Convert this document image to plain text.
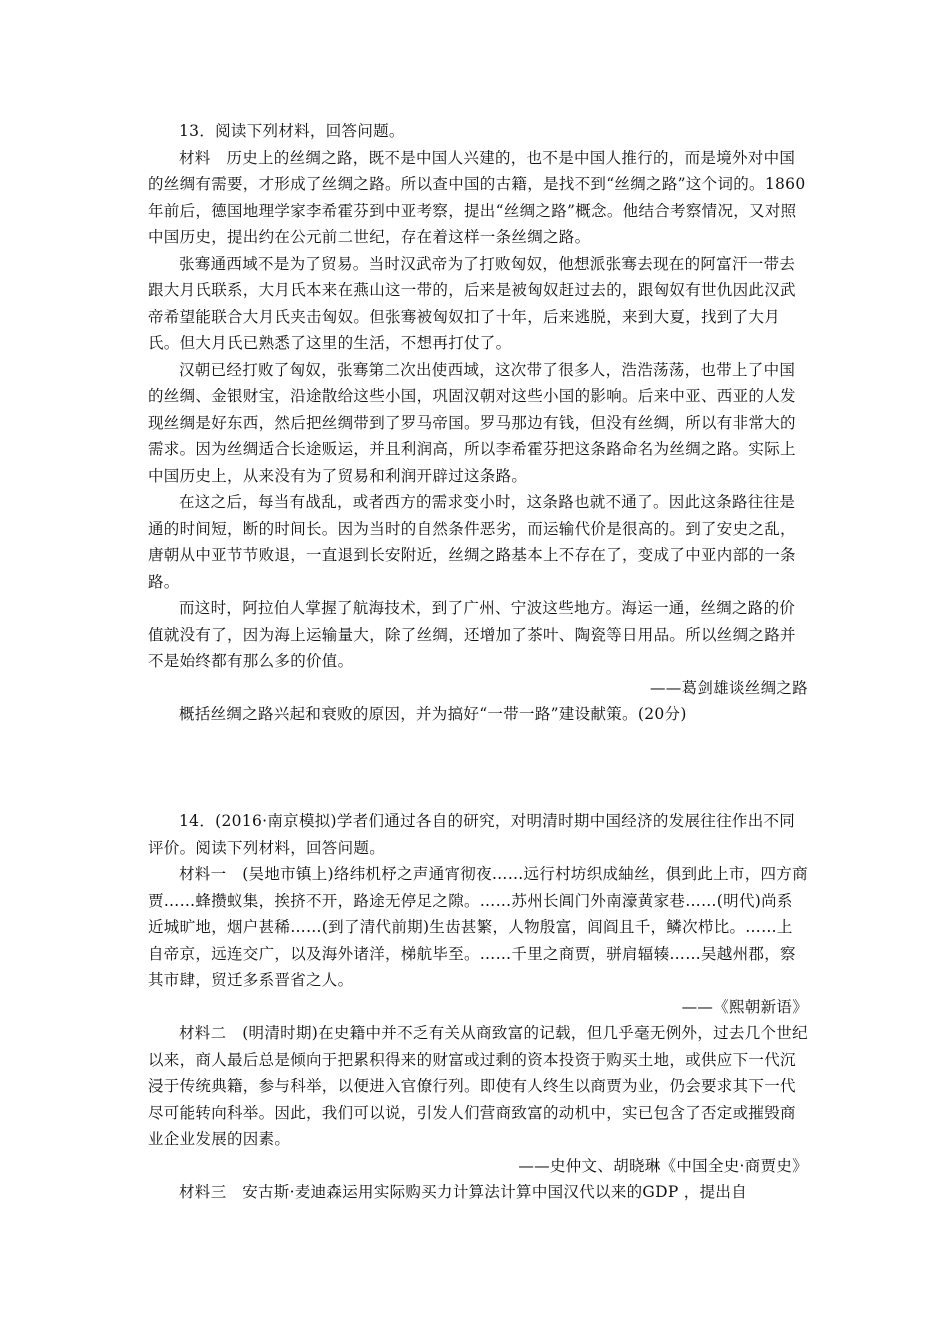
13．阅读下列材料，回答问题。

材料　历史上的丝绸之路，既不是中国人兴建的，也不是中国人推行的，而是境外对中国的丝绸有需要，才形成了丝绸之路。所以查中国的古籍，是找不到“丝绸之路”这个词的。1860年前后，德国地理学家李希霍芬到中亚考察，提出“丝绸之路”概念。他结合考察情况，又对照中国历史，提出约在公元前二世纪，存在着这样一条丝绸之路。

张骞通西域不是为了贸易。当时汉武帝为了打败匈奴，他想派张骞去现在的阿富汗一带去跟大月氏联系，大月氏本来在燕山这一带的，后来是被匈奴赶过去的，跟匈奴有世仇因此汉武帝希望能联合大月氏夹击匈奴。但张骞被匈奴扣了十年，后来逃脱，来到大夏，找到了大月氏。但大月氏已熟悉了这里的生活，不想再打仗了。

汉朝已经打败了匈奴，张骞第二次出使西域，这次带了很多人，浩浩荡荡，也带上了中国的丝绸、金银财宝，沿途散给这些小国，巩固汉朝对这些小国的影响。后来中亚、西亚的人发现丝绸是好东西，然后把丝绸带到了罗马帝国。罗马那边有钱，但没有丝绸，所以有非常大的需求。因为丝绸适合长途贩运，并且利润高，所以李希霍芬把这条路命名为丝绸之路。实际上中国历史上，从来没有为了贸易和利润开辟过这条路。

在这之后，每当有战乱，或者西方的需求变小时，这条路也就不通了。因此这条路往往是通的时间短，断的时间长。因为当时的自然条件恶劣，而运输代价是很高的。到了安史之乱，唐朝从中亚节节败退，一直退到长安附近，丝绸之路基本上不存在了，变成了中亚内部的一条路。

而这时，阿拉伯人掌握了航海技术，到了广州、宁波这些地方。海运一通，丝绸之路的价值就没有了，因为海上运输量大，除了丝绸，还增加了茶叶、陶瓷等日用品。所以丝绸之路并不是始终都有那么多的价值。

——葛剑雄谈丝绸之路

概括丝绸之路兴起和衰败的原因，并为搞好“一带一路”建设献策。(20分)

14．(2016·南京模拟)学者们通过各自的研究，对明清时期中国经济的发展往往作出不同评价。阅读下列材料，回答问题。

材料一　(吴地市镇上)络纬机杼之声通宵彻夜……远行村坊织成紬丝，俱到此上市，四方商贾……蜂攒蚁集，挨挤不开，路途无停足之隙。……苏州长阊门外南濠黄家巷……(明代)尚系近城旷地，烟户甚稀……(到了清代前期)生齿甚繁，人物殷富，闾阎且千，鳞次栉比。……上自帝京，远连交广，以及海外诸洋，梯航毕至。……千里之商贾，骈肩辐辏……吴越州郡，察其市肆，贸迁多系晋省之人。

——《熙朝新语》

材料二　(明清时期)在史籍中并不乏有关从商致富的记载，但几乎毫无例外，过去几个世纪以来，商人最后总是倾向于把累积得来的财富或过剩的资本投资于购买土地，或供应下一代沉浸于传统典籍，参与科举，以便进入官僚行列。即使有人终生以商贾为业，仍会要求其下一代尽可能转向科举。因此，我们可以说，引发人们营商致富的动机中，实已包含了否定或摧毁商业企业发展的因素。

——史仲文、胡晓琳《中国全史·商贾史》

材料三　安古斯·麦迪森运用实际购买力计算法计算中国汉代以来的GDP ，提出自
